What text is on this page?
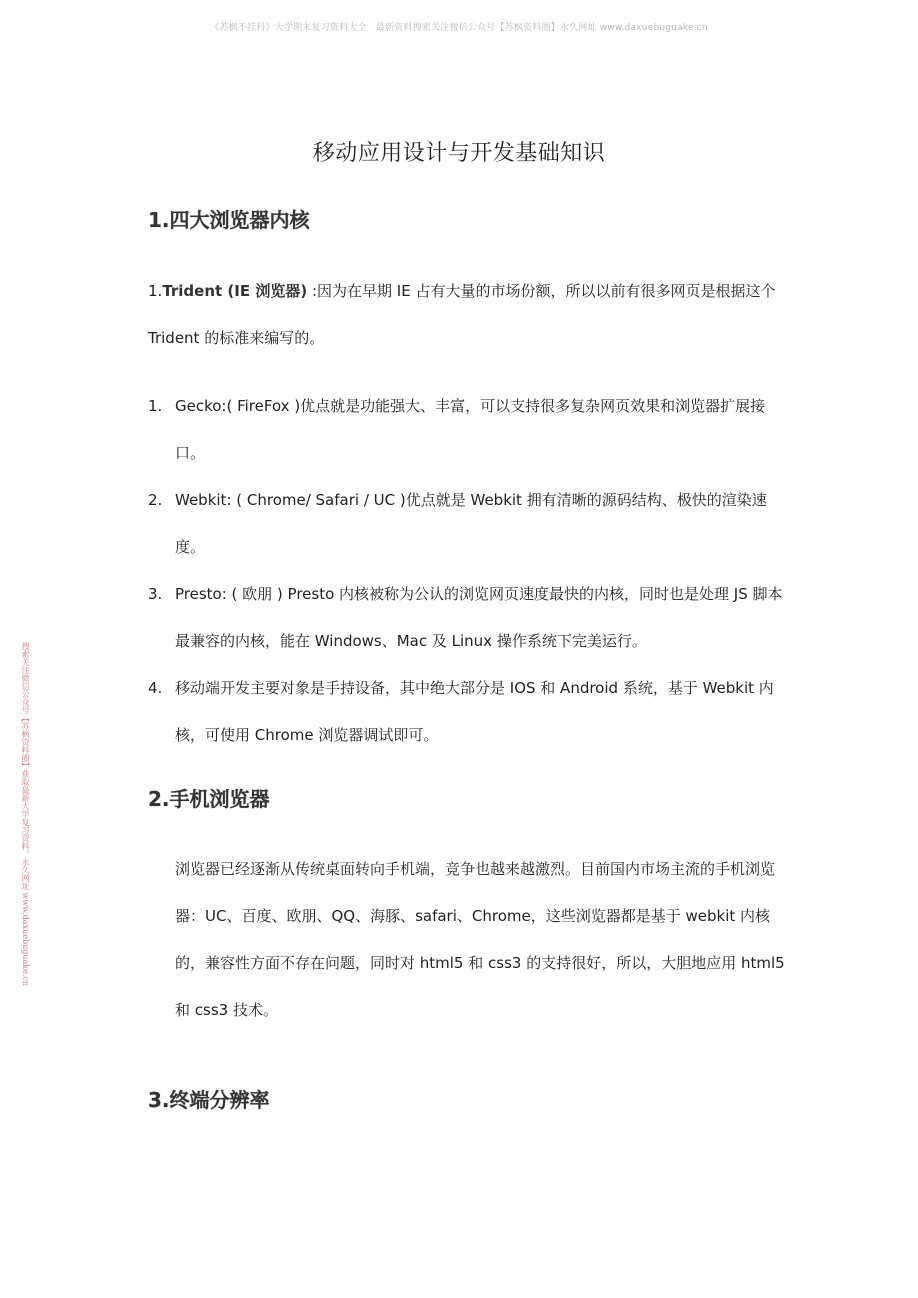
《苏枫不挂科》大学期末复习资料大全　最新资料搜索关注微信公众号【苏枫资料圈】永久网址 www.daxuebuguake.cn
搜索关注微信公众号【苏枫资料圈】获取最新大学复习资料，永久网址 www.daxuebuguake.cn
移动应用设计与开发基础知识
1.四大浏览器内核
1.Trident (IE 浏览器) :因为在早期 IE 占有大量的市场份额，所以以前有很多网页是根据这个 Trident 的标准来编写的。
1. Gecko:( FireFox )优点就是功能强大、丰富，可以支持很多复杂网页效果和浏览器扩展接口。
2. Webkit: ( Chrome/ Safari / UC )优点就是 Webkit 拥有清晰的源码结构、极快的渲染速度。
3. Presto: ( 欧朋 ) Presto 内核被称为公认的浏览网页速度最快的内核，同时也是处理 JS 脚本最兼容的内核，能在 Windows、Mac 及 Linux 操作系统下完美运行。
4. 移动端开发主要对象是手持设备，其中绝大部分是 IOS 和 Android 系统，基于 Webkit 内核，可使用 Chrome 浏览器调试即可。
2.手机浏览器
浏览器已经逐渐从传统桌面转向手机端，竞争也越来越激烈。目前国内市场主流的手机浏览器：UC、百度、欧朋、QQ、海豚、safari、Chrome，这些浏览器都是基于 webkit 内核的，兼容性方面不存在问题，同时对 html5 和 css3 的支持很好，所以，大胆地应用 html5 和 css3 技术。
3.终端分辨率
